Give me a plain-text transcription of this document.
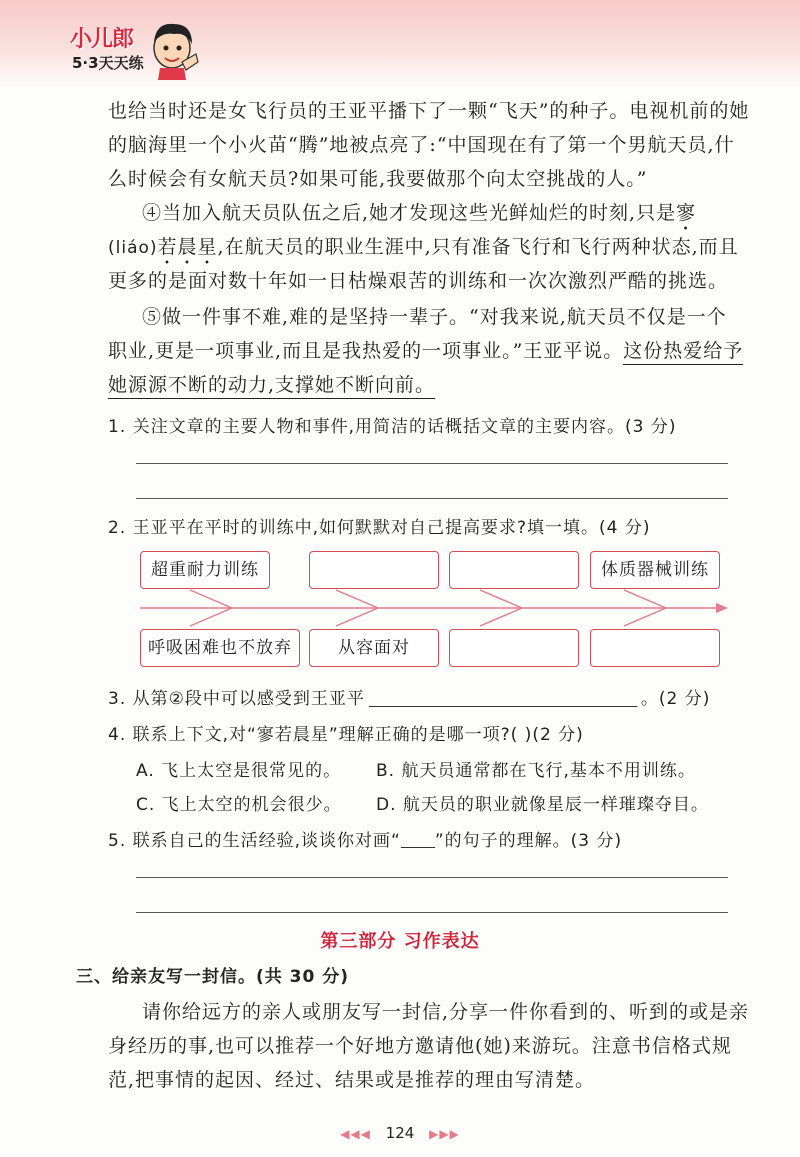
小儿郎
5·3天天练
也给当时还是女飞行员的王亚平播下了一颗“飞天”的种子。电视机前的她
的脑海里一个小火苗“腾”地被点亮了:“中国现在有了第一个男航天员,什
么时候会有女航天员?如果可能,我要做那个向太空挑战的人。”
④当加入航天员队伍之后,她才发现这些光鲜灿烂的时刻,只是寥
(liáo)若晨星,在航天员的职业生涯中,只有准备飞行和飞行两种状态,而且
更多的是面对数十年如一日枯燥艰苦的训练和一次次激烈严酷的挑选。
⑤做一件事不难,难的是坚持一辈子。“对我来说,航天员不仅是一个
职业,更是一项事业,而且是我热爱的一项事业。”王亚平说。这份热爱给予
她源源不断的动力,支撑她不断向前。
1. 关注文章的主要人物和事件,用简洁的话概括文章的主要内容。(3 分)
2. 王亚平在平时的训练中,如何默默对自己提高要求?填一填。(4 分)
超重耐力训练	体质器械训练
呼吸困难也不放弃	从容面对
3. 从第②段中可以感受到王亚平	。(2 分)
4. 联系上下文,对“寥若晨星”理解正确的是哪一项?( )(2 分)
A. 飞上太空是很常见的。 B. 航天员通常都在飞行,基本不用训练。
C. 飞上太空的机会很少。 D. 航天员的职业就像星辰一样璀璨夺目。
5. 联系自己的生活经验,谈谈你对画“ ”的句子的理解。(3 分)
第三部分 习作表达
三、给亲友写一封信。(共 30 分)
请你给远方的亲人或朋友写一封信,分享一件你看到的、听到的或是亲
身经历的事,也可以推荐一个好地方邀请他(她)来游玩。注意书信格式规
范,把事情的起因、经过、结果或是推荐的理由写清楚。
◀◀◀ 124 ▶▶▶
